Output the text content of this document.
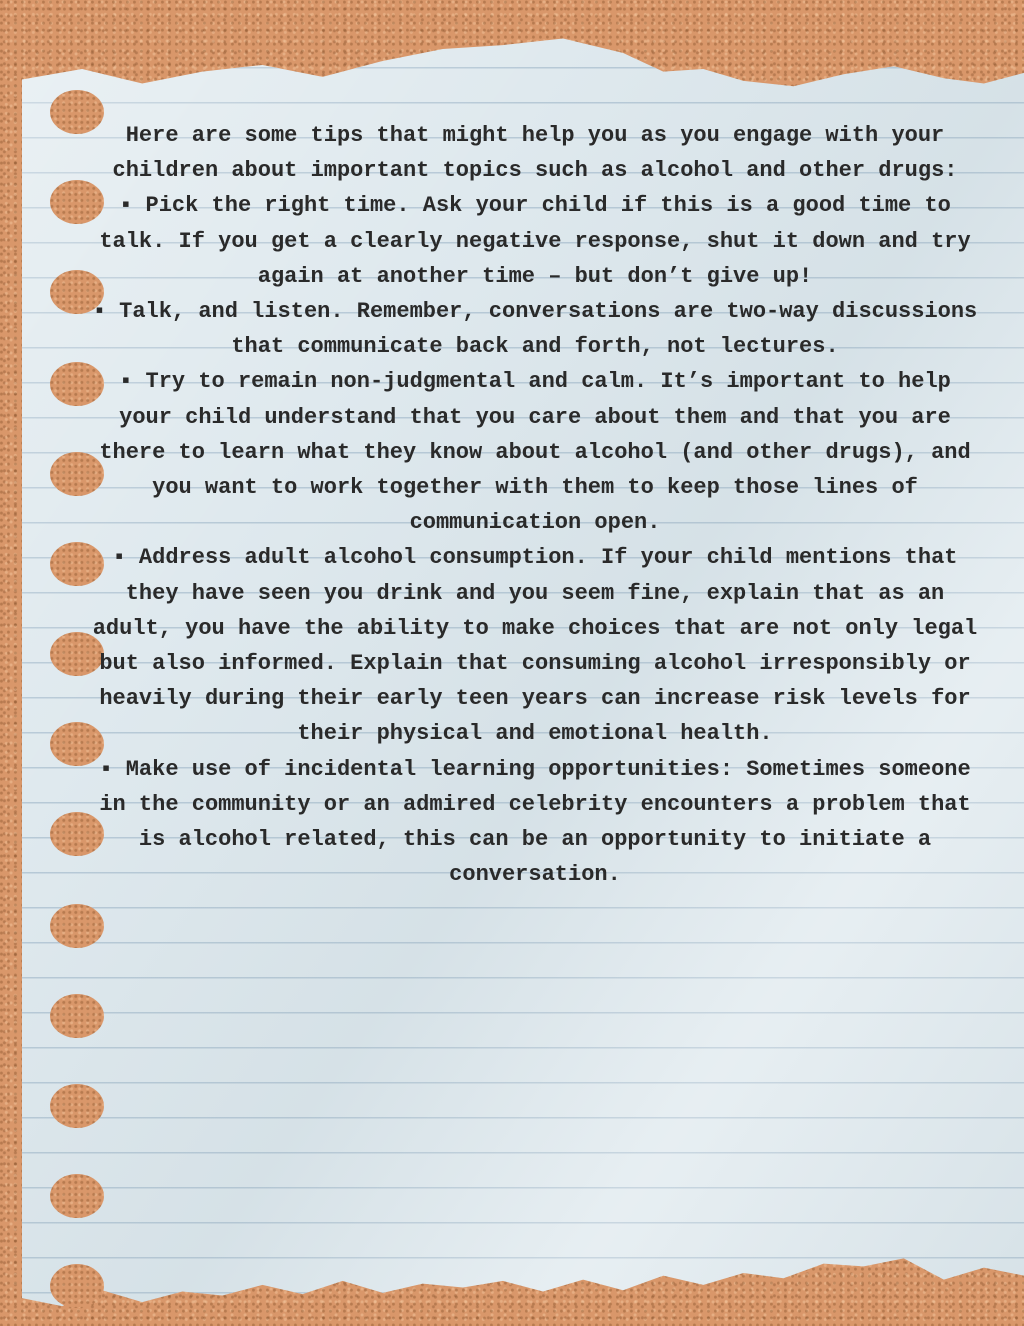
Here are some tips that might help you as you engage with your children about important topics such as alcohol and other drugs:

▪ Pick the right time. Ask your child if this is a good time to talk. If you get a clearly negative response, shut it down and try again at another time – but don’t give up!

▪ Talk, and listen. Remember, conversations are two-way discussions that communicate back and forth, not lectures.

▪ Try to remain non-judgmental and calm. It’s important to help your child understand that you care about them and that you are there to learn what they know about alcohol (and other drugs), and you want to work together with them to keep those lines of communication open.

▪ Address adult alcohol consumption. If your child mentions that they have seen you drink and you seem fine, explain that as an adult, you have the ability to make choices that are not only legal but also informed. Explain that consuming alcohol irresponsibly or heavily during their early teen years can increase risk levels for their physical and emotional health.

▪ Make use of incidental learning opportunities: Sometimes someone in the community or an admired celebrity encounters a problem that is alcohol related, this can be an opportunity to initiate a conversation.
